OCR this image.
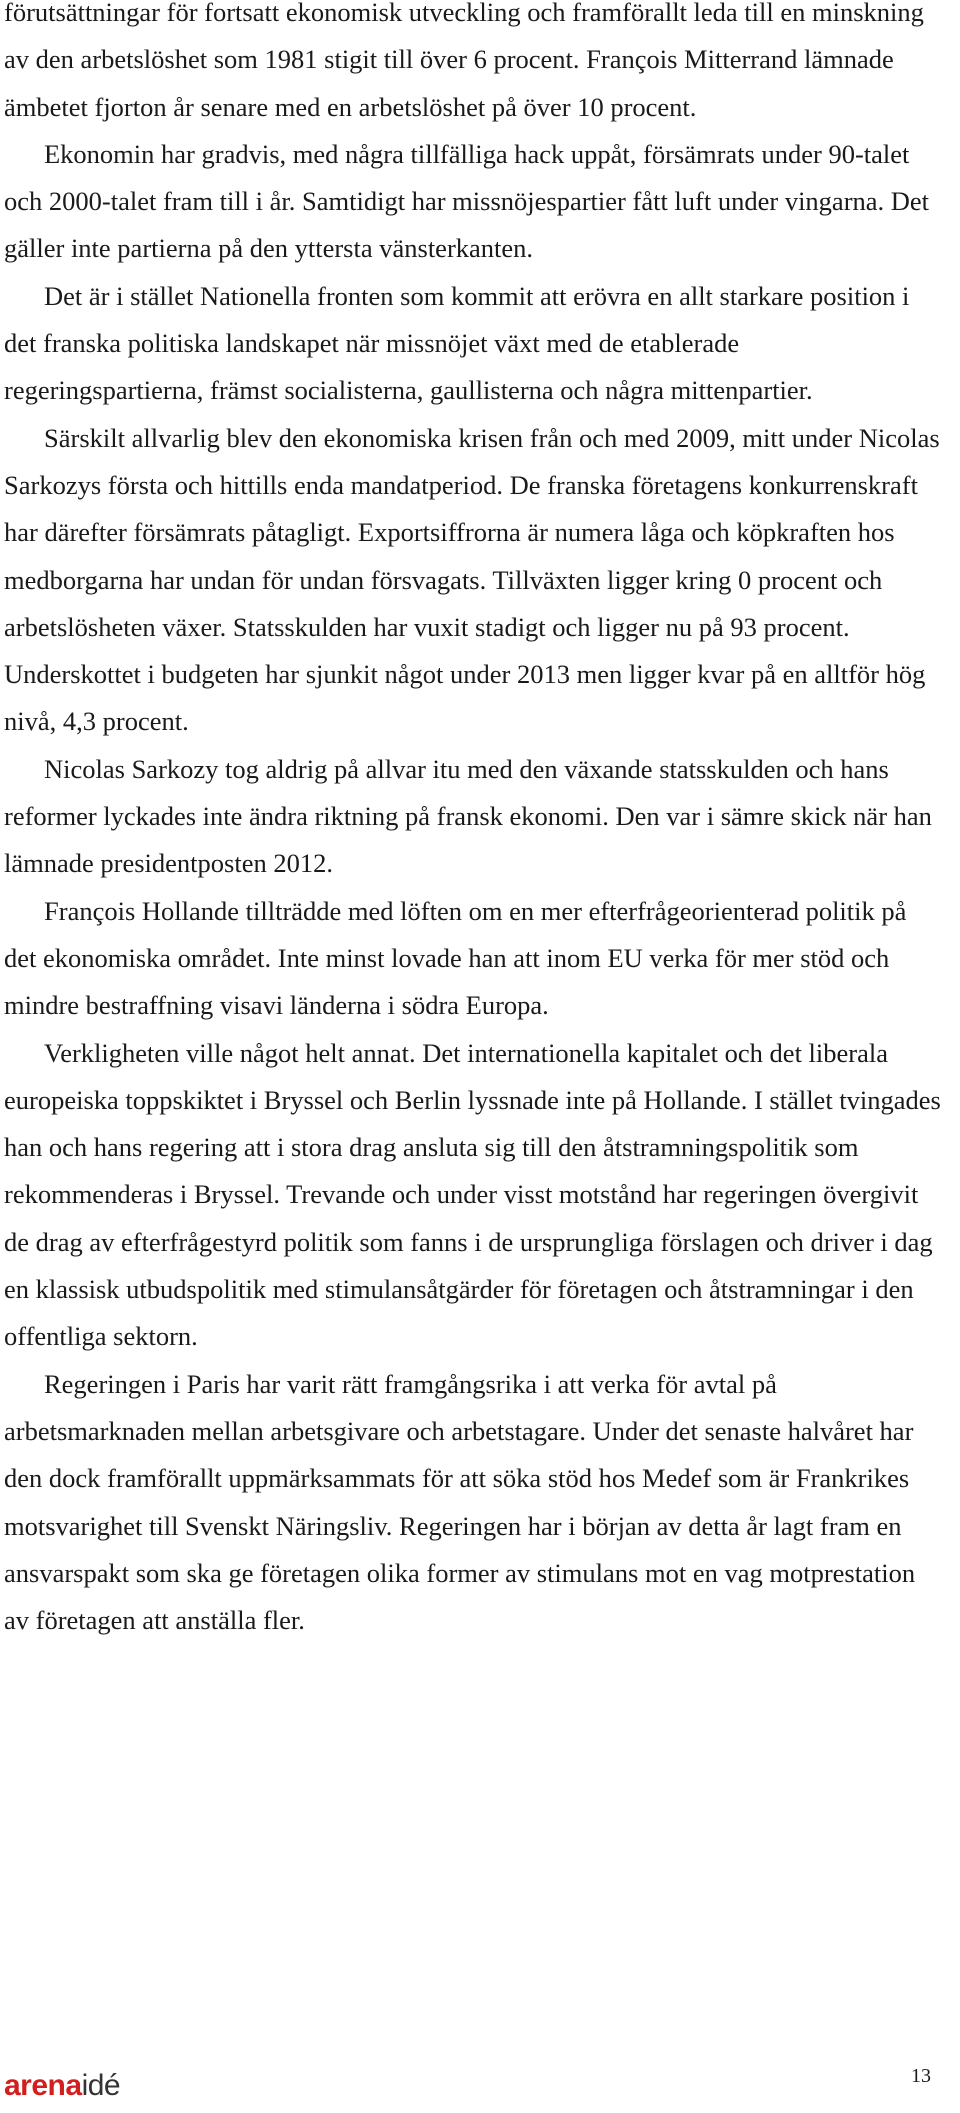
förutsättningar för fortsatt ekonomisk utveckling och framförallt leda till en minskning av den arbetslöshet som 1981 stigit till över 6 procent. François Mitterrand lämnade ämbetet fjorton år senare med en arbetslöshet på över 10 procent.

Ekonomin har gradvis, med några tillfälliga hack uppåt, försämrats under 90-talet och 2000-talet fram till i år. Samtidigt har missnöjespartier fått luft under vingarna. Det gäller inte partierna på den yttersta vänsterkanten.

Det är i stället Nationella fronten som kommit att erövra en allt starkare position i det franska politiska landskapet när missnöjet växt med de etablerade regeringspartierna, främst socialisterna, gaullisterna och några mittenpartier.

Särskilt allvarlig blev den ekonomiska krisen från och med 2009, mitt under Nicolas Sarkozys första och hittills enda mandatperiod. De franska företagens konkurrenskraft har därefter försämrats påtagligt. Exportsiffrorna är numera låga och köpkraften hos medborgarna har undan för undan försvagats. Tillväxten ligger kring 0 procent och arbetslösheten växer. Statsskulden har vuxit stadigt och ligger nu på 93 procent. Underskottet i budgeten har sjunkit något under 2013 men ligger kvar på en alltför hög nivå, 4,3 procent.

Nicolas Sarkozy tog aldrig på allvar itu med den växande statsskulden och hans reformer lyckades inte ändra riktning på fransk ekonomi. Den var i sämre skick när han lämnade presidentposten 2012.

François Hollande tillträdde med löften om en mer efterfrågeorienterad politik på det ekonomiska området. Inte minst lovade han att inom EU verka för mer stöd och mindre bestraffning visavi länderna i södra Europa.

Verkligheten ville något helt annat. Det internationella kapitalet och det liberala europeiska toppskiktet i Bryssel och Berlin lyssnade inte på Hollande. I stället tvingades han och hans regering att i stora drag ansluta sig till den åtstramningspolitik som rekommenderas i Bryssel. Trevande och under visst motstånd har regeringen övergivit de drag av efterfrågestyrd politik som fanns i de ursprungliga förslagen och driver i dag en klassisk utbudspolitik med stimulansåtgärder för företagen och åtstramningar i den offentliga sektorn.

Regeringen i Paris har varit rätt framgångsrika i att verka för avtal på arbetsmarknaden mellan arbetsgivare och arbetstagare. Under det senaste halvåret har den dock framförallt uppmärksammats för att söka stöd hos Medef som är Frankrikes motsvarighet till Svenskt Näringsliv. Regeringen har i början av detta år lagt fram en ansvarspakt som ska ge företagen olika former av stimulans mot en vag motprestation av företagen att anställa fler.

arenaidé	13
